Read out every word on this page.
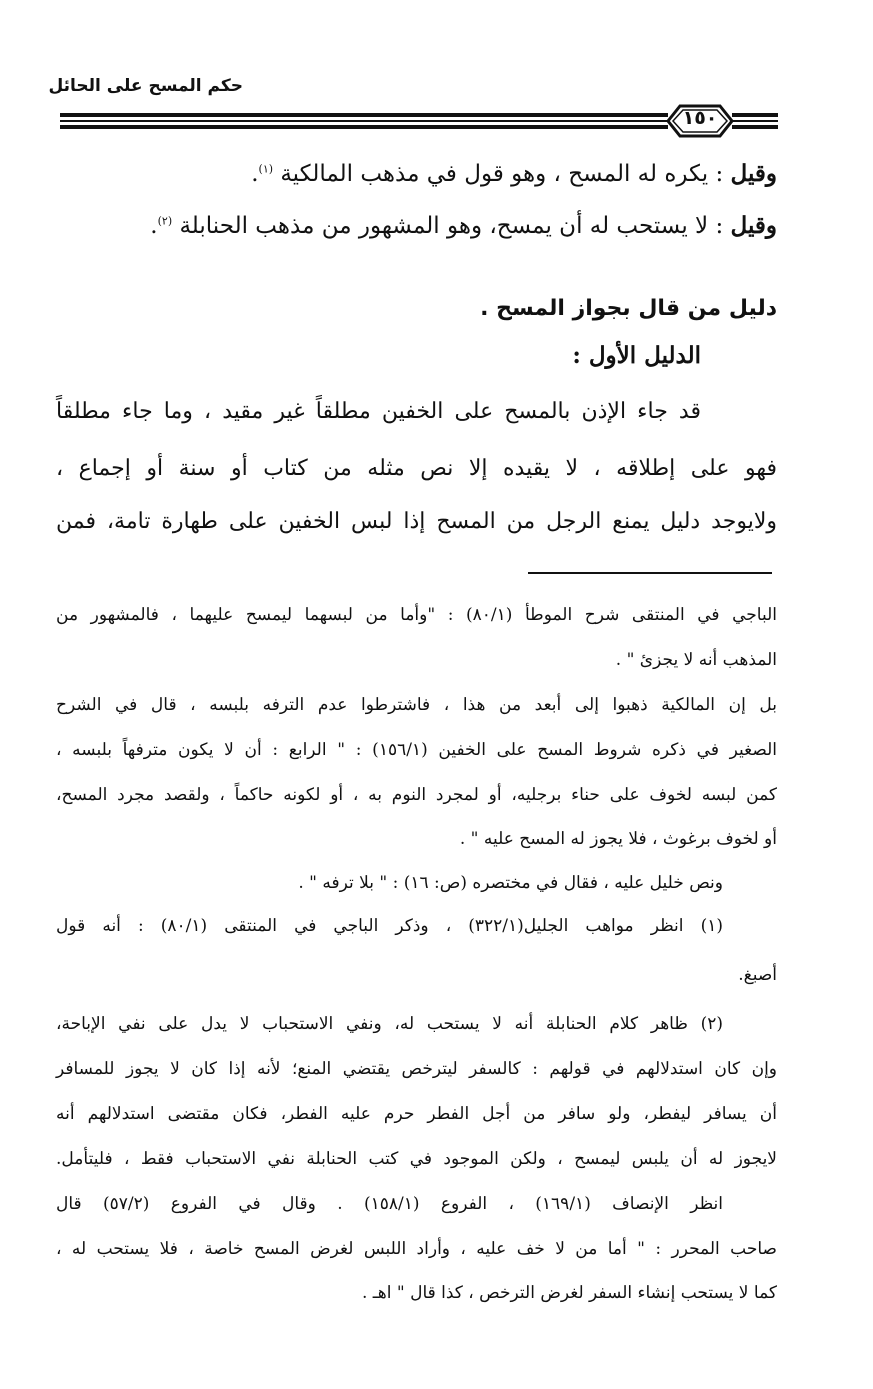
حكم المسح على الحائل
١٥٠
وقيل : يكره له المسح ، وهو قول في مذهب المالكية $^{(١)}$.
وقيل : لا يستحب له أن يمسح، وهو المشهور من مذهب الحنابلة $^{(٢)}$.
دليل من قال بجواز المسح .
الدليل الأول :
قد جاء الإذن بالمسح على الخفين مطلقاً غير مقيد ، وما جاء مطلقاً
فهو على إطلاقه ، لا يقيده إلا نص مثله من كتاب أو سنة أو إجماع ،
ولايوجد دليل يمنع الرجل من المسح إذا لبس الخفين على طهارة تامة، فمن
الباجي في المنتقى شرح الموطأ (٨٠/١) : "وأما من لبسهما ليمسح عليهما ، فالمشهور من
المذهب أنه لا يجزئ " .
بل إن المالكية ذهبوا إلى أبعد من هذا ، فاشترطوا عدم الترفه بلبسه ، قال في الشرح
الصغير في ذكره شروط المسح على الخفين (١٥٦/١) : " الرابع : أن لا يكون مترفهاً بلبسه ،
كمن لبسه لخوف على حناء برجليه، أو لمجرد النوم به ، أو لكونه حاكماً ، ولقصد مجرد المسح،
أو لخوف برغوث ، فلا يجوز له المسح عليه " .
ونص خليل عليه ، فقال في مختصره (ص: ١٦) : " بلا ترفه " .
(١) انظر مواهب الجليل(٣٢٢/١) ، وذكر الباجي في المنتقى (٨٠/١) : أنه قول
أصبغ.
(٢) ظاهر كلام الحنابلة أنه لا يستحب له، ونفي الاستحباب لا يدل على نفي الإباحة،
وإن كان استدلالهم في قولهم : كالسفر ليترخص يقتضي المنع؛ لأنه إذا كان لا يجوز للمسافر
أن يسافر ليفطر، ولو سافر من أجل الفطر حرم عليه الفطر، فكان مقتضى استدلالهم أنه
لايجوز له أن يلبس ليمسح ، ولكن الموجود في كتب الحنابلة نفي الاستحباب فقط ، فليتأمل.
انظر الإنصاف (١٦٩/١) ، الفروع (١٥٨/١) . وقال في الفروع (٥٧/٢) قال
صاحب المحرر : " أما من لا خف عليه ، وأراد اللبس لغرض المسح خاصة ، فلا يستحب له ،
كما لا يستحب إنشاء السفر لغرض الترخص ، كذا قال " اهـ .
